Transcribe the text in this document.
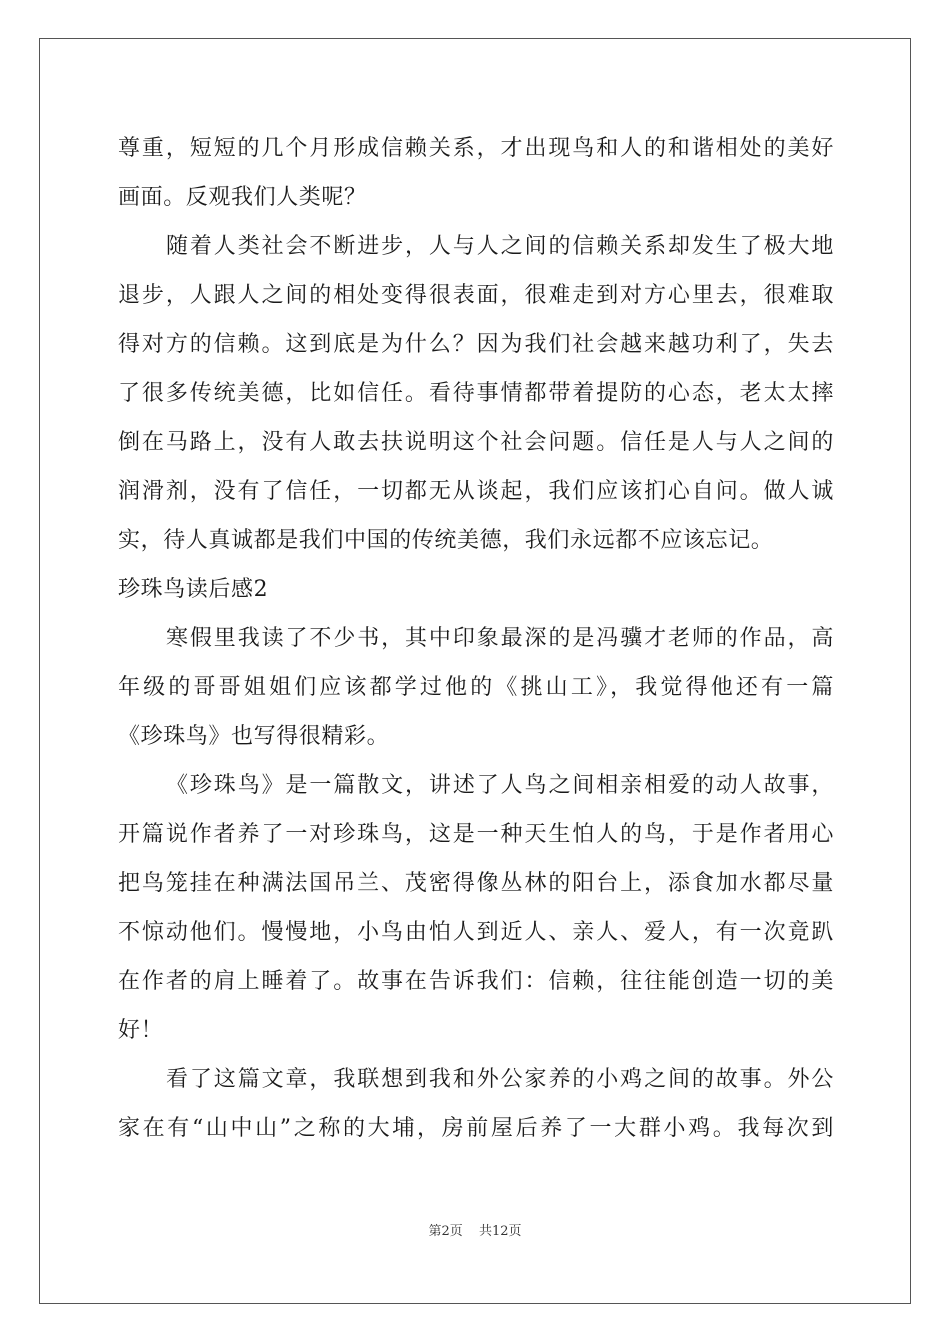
尊重，短短的几个月形成信赖关系，才出现鸟和人的和谐相处的美好

画面。反观我们人类呢？

随着人类社会不断进步，人与人之间的信赖关系却发生了极大地

退步，人跟人之间的相处变得很表面，很难走到对方心里去，很难取

得对方的信赖。这到底是为什么？因为我们社会越来越功利了，失去

了很多传统美德，比如信任。看待事情都带着提防的心态，老太太摔

倒在马路上，没有人敢去扶说明这个社会问题。信任是人与人之间的

润滑剂，没有了信任，一切都无从谈起，我们应该扪心自问。做人诚

实，待人真诚都是我们中国的传统美德，我们永远都不应该忘记。

珍珠鸟读后感2

寒假里我读了不少书，其中印象最深的是冯骥才老师的作品，高

年级的哥哥姐姐们应该都学过他的《挑山工》，我觉得他还有一篇

《珍珠鸟》也写得很精彩。

《珍珠鸟》是一篇散文，讲述了人鸟之间相亲相爱的动人故事，

开篇说作者养了一对珍珠鸟，这是一种天生怕人的鸟，于是作者用心

把鸟笼挂在种满法国吊兰、茂密得像丛林的阳台上，添食加水都尽量

不惊动他们。慢慢地，小鸟由怕人到近人、亲人、爱人，有一次竟趴

在作者的肩上睡着了。故事在告诉我们：信赖，往往能创造一切的美

好！

看了这篇文章，我联想到我和外公家养的小鸡之间的故事。外公

家在有“山中山”之称的大埔，房前屋后养了一大群小鸡。我每次到

第2页 共12页
